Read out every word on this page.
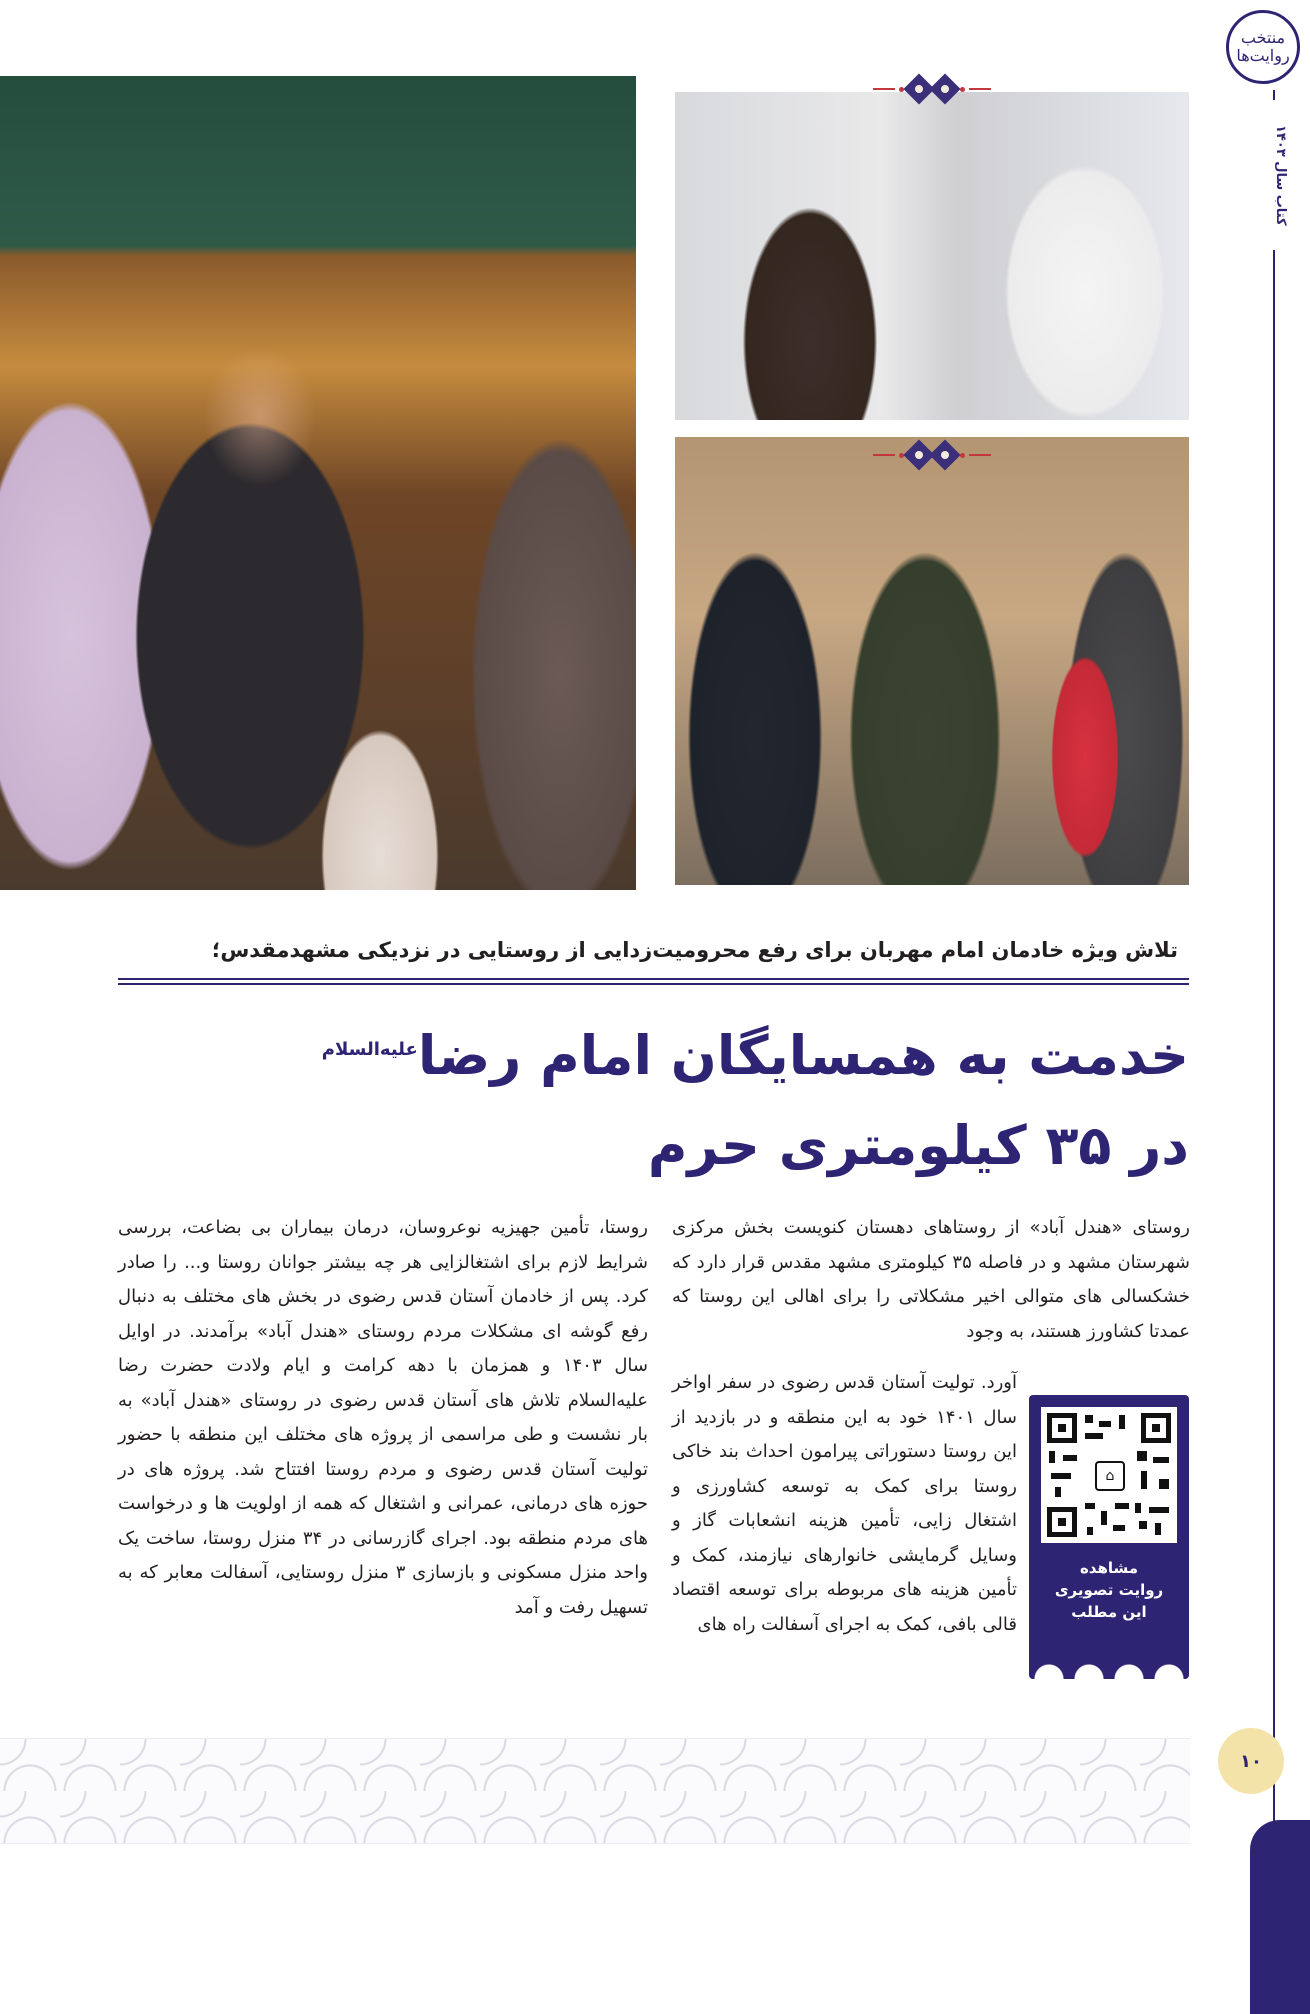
منتخب روایت‌ها
کتاب سال ۱۴۰۳
۱۰
تلاش ویژه خادمان امام مهربان برای رفع محرومیت‌زدایی از روستایی در نزدیکی مشهدمقدس؛
خدمت به همسایگان امام رضا$^{علیه‌السلام}$
در ۳۵ کیلومتری حرم
روستای «هندل آباد» از روستاهای دهستان کنویست بخش مرکزی شهرستان مشهد و در فاصله ۳۵ کیلومتری مشهد مقدس قرار دارد که خشکسالی های متوالی اخیر مشکلاتی را برای اهالی این روستا که عمدتا کشاورز هستند، به وجود
آورد. تولیت آستان قدس رضوی در سفر اواخر سال ۱۴۰۱ خود به این منطقه و در بازدید از این روستا دستوراتی پیرامون احداث بند خاکی روستا برای کمک به توسعه کشاورزی و اشتغال زایی، تأمین هزینه انشعابات گاز و وسایل گرمایشی خانوارهای نیازمند، کمک و تأمین هزینه های مربوطه برای توسعه اقتصاد قالی بافی، کمک به اجرای آسفالت راه های
روستا، تأمین جهیزیه نوعروسان، درمان بیماران بی بضاعت، بررسی شرایط لازم برای اشتغالزایی هر چه بیشتر جوانان روستا و... را صادر کرد. پس از خادمان آستان قدس رضوی در بخش های مختلف به دنبال رفع گوشه ای مشکلات مردم روستای «هندل آباد» برآمدند. در اوایل سال ۱۴۰۳ و همزمان با دهه کرامت و ایام ولادت حضرت رضا علیه‌السلام تلاش های آستان قدس رضوی در روستای «هندل آباد» به بار نشست و طی مراسمی از پروژه های مختلف این منطقه با حضور تولیت آستان قدس رضوی و مردم روستا افتتاح شد. پروژه های در حوزه های درمانی، عمرانی و اشتغال که همه از اولویت ها و درخواست های مردم منطقه بود. اجرای گازرسانی در ۳۴ منزل روستا، ساخت یک واحد منزل مسکونی و بازسازی ۳ منزل روستایی، آسفالت معابر که به تسهیل رفت و آمد
⌂
مشاهده
روایت تصویری
این مطلب
